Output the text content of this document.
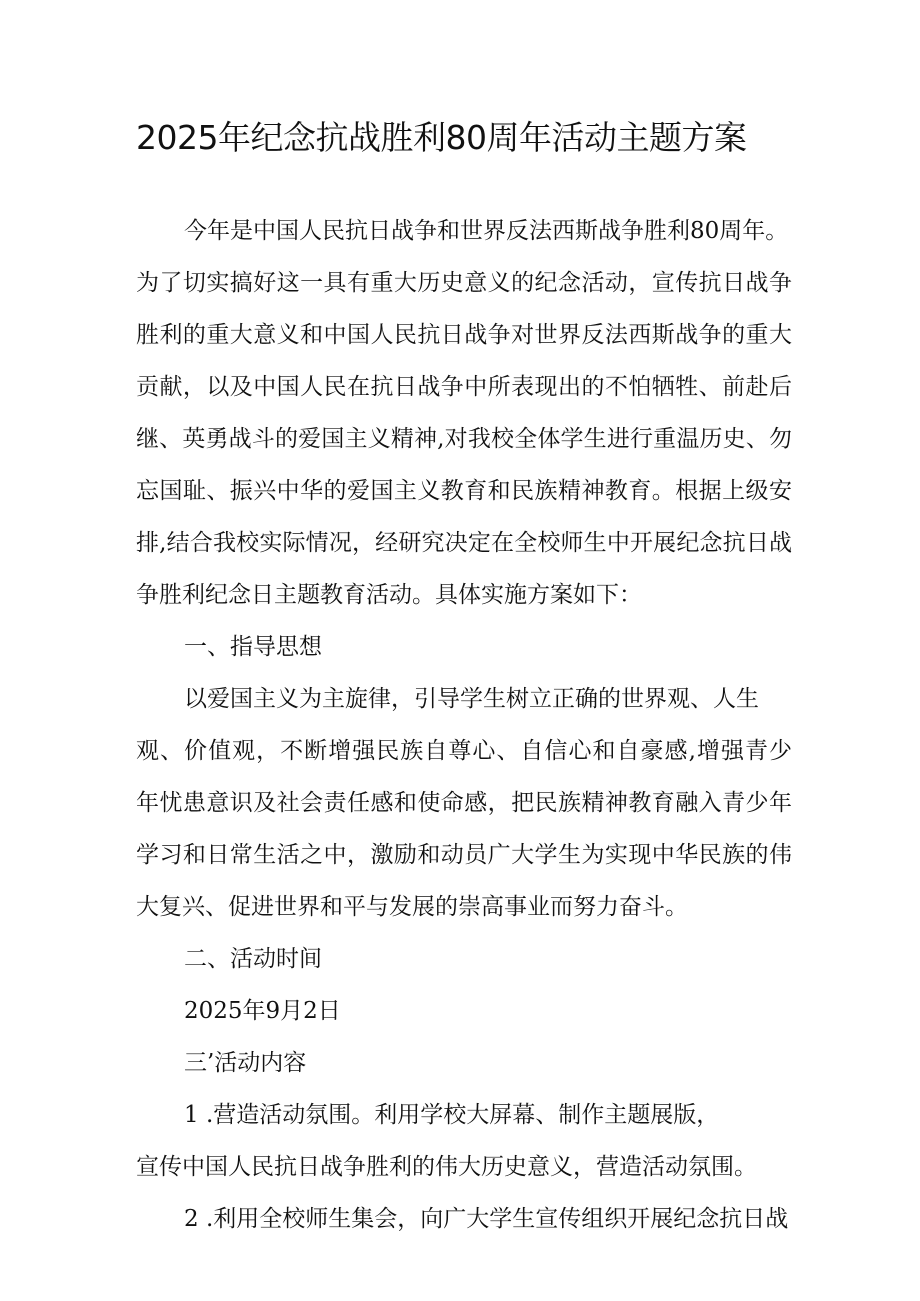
2025年纪念抗战胜利80周年活动主题方案
今年是中国人民抗日战争和世界反法西斯战争胜利80周年。
为了切实搞好这一具有重大历史意义的纪念活动，宣传抗日战争
胜利的重大意义和中国人民抗日战争对世界反法西斯战争的重大
贡献，以及中国人民在抗日战争中所表现出的不怕牺牲、前赴后
继、英勇战斗的爱国主义精神,对我校全体学生进行重温历史、勿
忘国耻、振兴中华的爱国主义教育和民族精神教育。根据上级安
排,结合我校实际情况，经研究决定在全校师生中开展纪念抗日战
争胜利纪念日主题教育活动。具体实施方案如下：
一、指导思想
以爱国主义为主旋律，引导学生树立正确的世界观、人生
观、价值观，不断增强民族自尊心、自信心和自豪感,增强青少
年忧患意识及社会责任感和使命感，把民族精神教育融入青少年
学习和日常生活之中，激励和动员广大学生为实现中华民族的伟
大复兴、促进世界和平与发展的崇高事业而努力奋斗。
二、活动时间
2025年9月2日
三’活动内容
1 .营造活动氛围。利用学校大屏幕、制作主题展版，
宣传中国人民抗日战争胜利的伟大历史意义，营造活动氛围。
2 .利用全校师生集会，向广大学生宣传组织开展纪念抗日战
